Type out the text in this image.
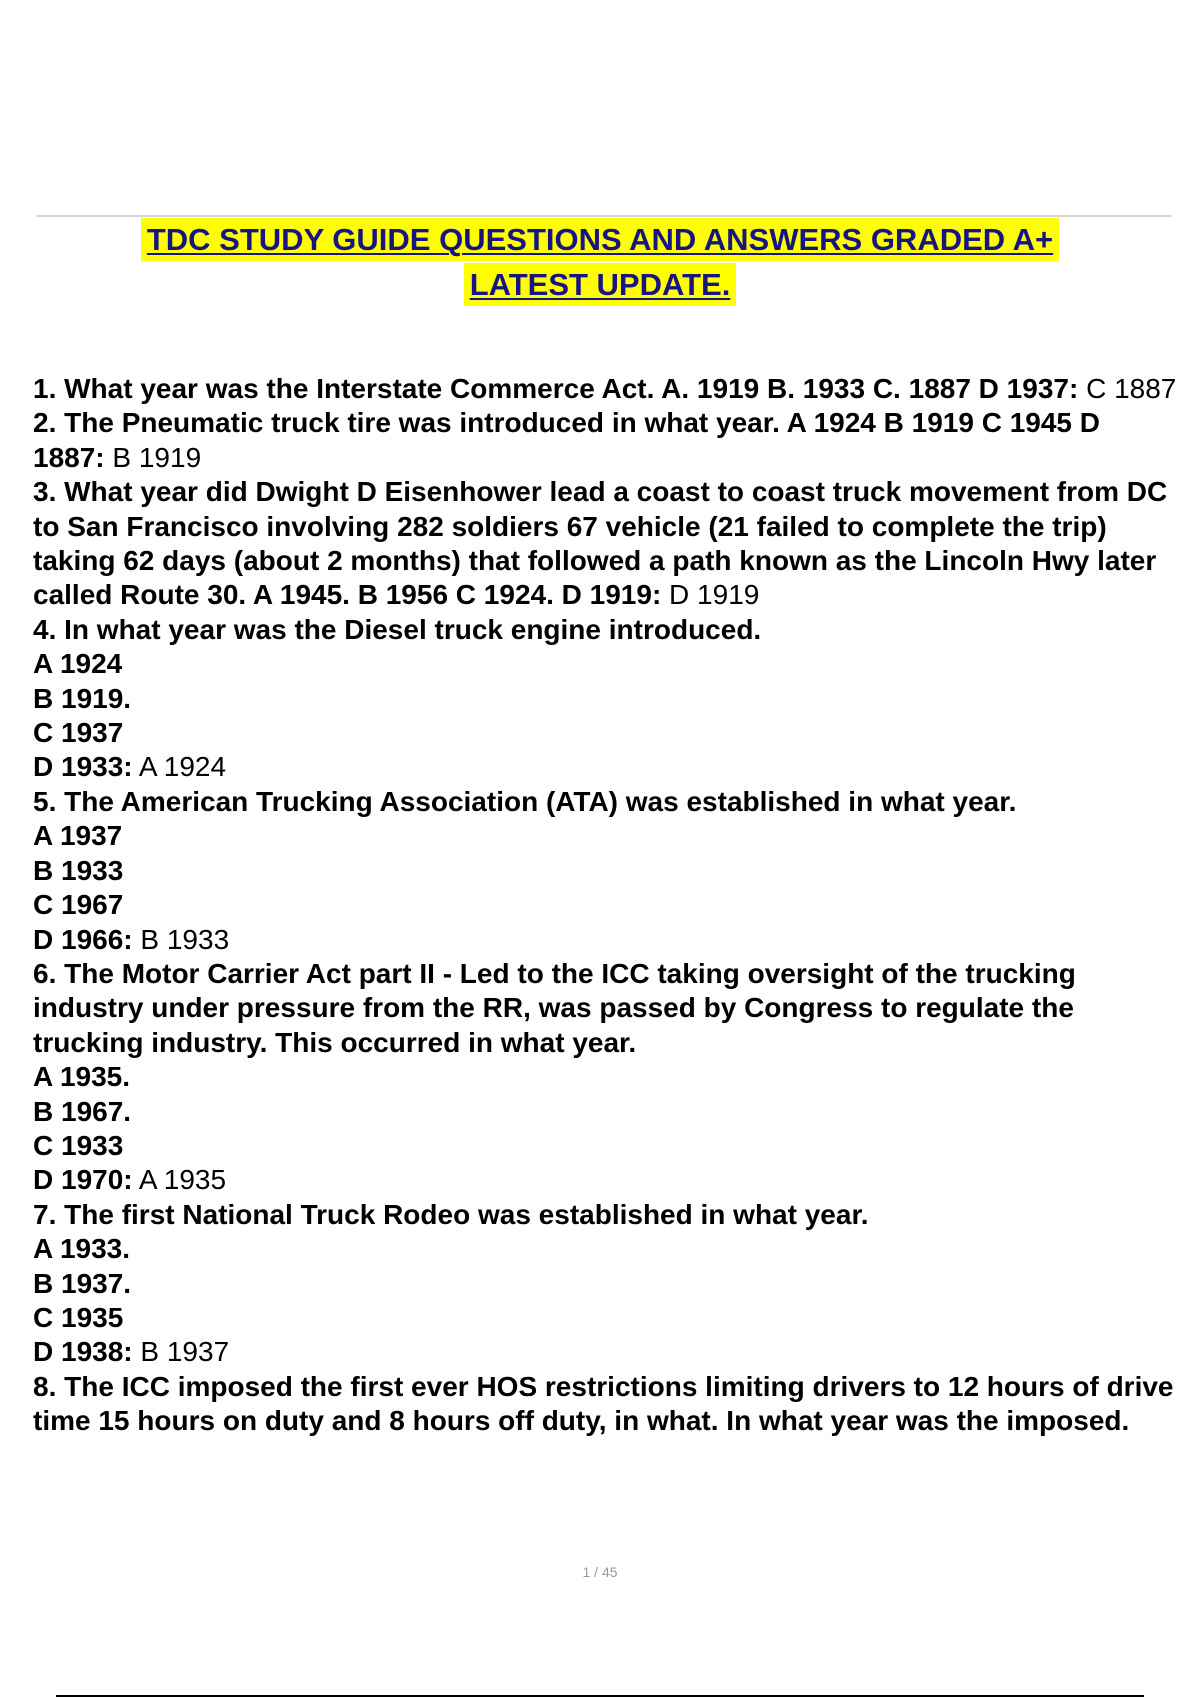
TDC STUDY GUIDE QUESTIONS AND ANSWERS GRADED A+
LATEST UPDATE.

1. What year was the Interstate Commerce Act. A. 1919 B. 1933 C. 1887 D 1937: C 1887

2. The Pneumatic truck tire was introduced in what year. A 1924 B 1919 C 1945 D 1887: B 1919

3. What year did Dwight D Eisenhower lead a coast to coast truck movement from DC to San Francisco involving 282 soldiers 67 vehicle (21 failed to complete the trip) taking 62 days (about 2 months) that followed a path known as the Lincoln Hwy later called Route 30. A 1945. B 1956 C 1924. D 1919: D 1919

4. In what year was the Diesel truck engine introduced.
A 1924
B 1919.
C 1937
D 1933: A 1924
5. The American Trucking Association (ATA) was established in what year.
A 1937
B 1933
C 1967
D 1966: B 1933
6. The Motor Carrier Act part II - Led to the ICC taking oversight of the trucking industry under pressure from the RR, was passed by Congress to regulate the trucking industry. This occurred in what year.
A 1935.
B 1967.
C 1933
D 1970: A 1935
7. The first National Truck Rodeo was established in what year.
A 1933.
B 1937.
C 1935
D 1938: B 1937

8. The ICC imposed the first ever HOS restrictions limiting drivers to 12 hours of drive time 15 hours on duty and 8 hours off duty, in what. In what year was the imposed.

1 / 45
